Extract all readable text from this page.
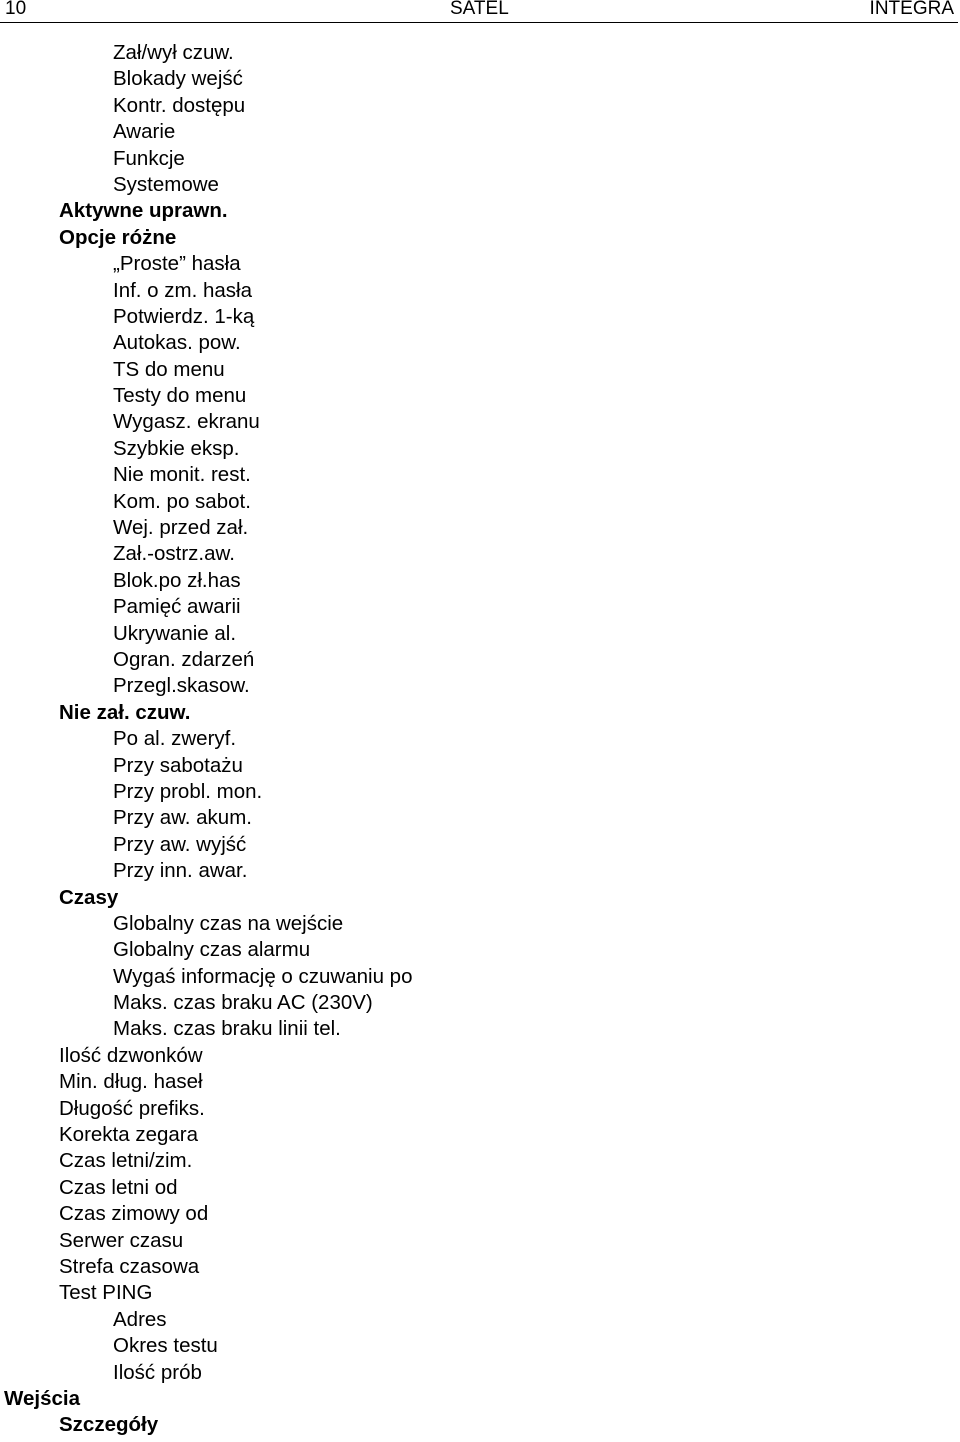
10	SATEL	INTEGRA
Zał/wył czuw.
Blokady wejść
Kontr. dostępu
Awarie
Funkcje
Systemowe
Aktywne uprawn.
Opcje różne
„Proste” hasła
Inf. o zm. hasła
Potwierdz. 1-ką
Autokas. pow.
TS do menu
Testy do menu
Wygasz. ekranu
Szybkie eksp.
Nie monit. rest.
Kom. po sabot.
Wej. przed zał.
Zał.-ostrz.aw.
Blok.po zł.has
Pamięć awarii
Ukrywanie al.
Ogran. zdarzeń
Przegl.skasow.
Nie zał. czuw.
Po al. zweryf.
Przy sabotażu
Przy probl. mon.
Przy aw. akum.
Przy aw. wyjść
Przy inn. awar.
Czasy
Globalny czas na wejście
Globalny czas alarmu
Wygaś informację o czuwaniu po
Maks. czas braku AC (230V)
Maks. czas braku linii tel.
Ilość dzwonków
Min. dług. haseł
Długość prefiks.
Korekta zegara
Czas letni/zim.
Czas letni od
Czas zimowy od
Serwer czasu
Strefa czasowa
Test PING
Adres
Okres testu
Ilość prób
Wejścia
Szczegóły
